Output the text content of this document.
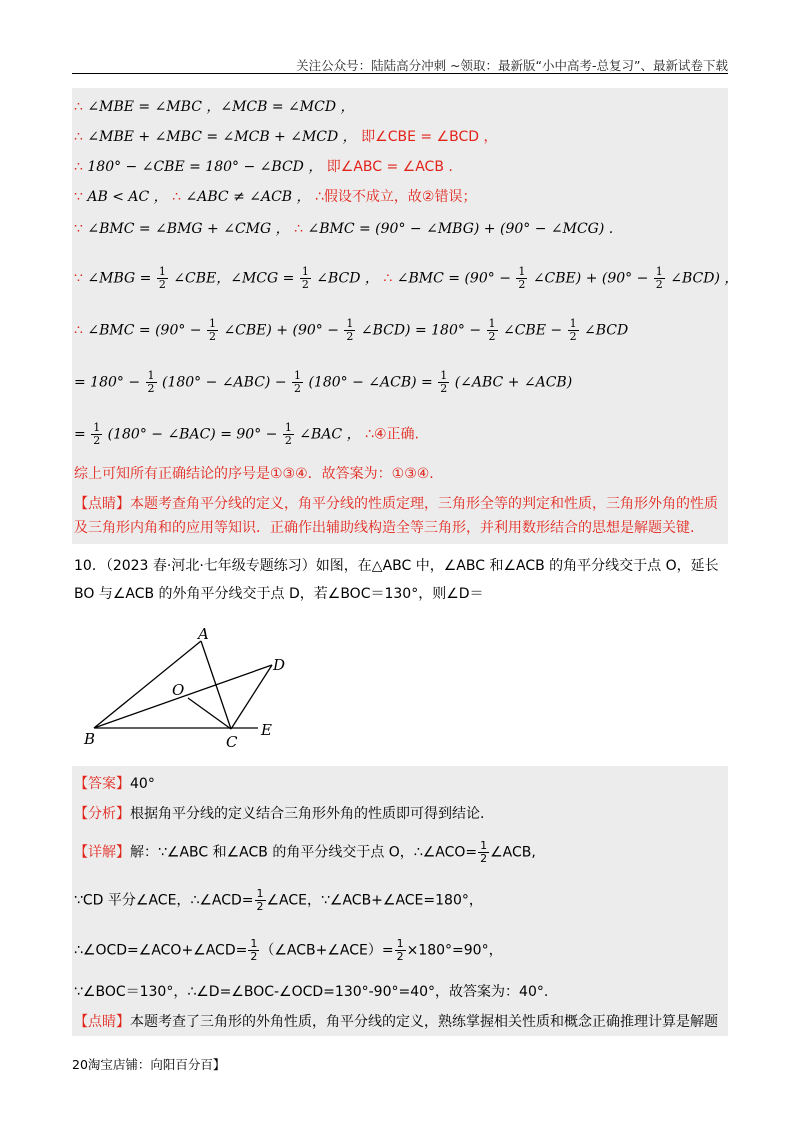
关注公众号：陆陆高分冲刺 ~领取：最新版“小中高考-总复习”、最新试卷下载
∴ ∠MBE = ∠MBC ，∠MCB = ∠MCD ，
∴ ∠MBE + ∠MBC = ∠MCB + ∠MCD ， 即∠CBE = ∠BCD ，
∴ 180° − ∠CBE = 180° − ∠BCD ， 即∠ABC = ∠ACB .
∵ AB < AC ， ∴ ∠ABC ≠ ∠ACB ， ∴假设不成立，故②错误；
∵ ∠BMC = ∠BMG + ∠CMG ， ∴ ∠BMC = (90° − ∠MBG) + (90° − ∠MCG) .
∵ ∠MBG = $\frac{1}{2}$ ∠CBE，∠MCG = $\frac{1}{2}$ ∠BCD ， ∴ ∠BMC = ($90^\circ - \frac{1}{2}$ ∠CBE) + ($90^\circ - \frac{1}{2}$ ∠BCD) ，
∴ ∠BMC = ($90^\circ - \frac{1}{2}$ ∠CBE) + ($90^\circ - \frac{1}{2}$ ∠BCD) = $180^\circ - \frac{1}{2}$ ∠CBE − $\frac{1}{2}$ ∠BCD
= $180^\circ - \frac{1}{2} (180^\circ$ − ∠ABC) − $\frac{1}{2} (180^\circ$ − ∠ACB) = $\frac{1}{2}$ (∠ABC + ∠ACB)
= $\frac{1}{2} (180^\circ$ − ∠BAC) = $90^\circ - \frac{1}{2}$ ∠BAC ， ∴④正确.
综上可知所有正确结论的序号是①③④．故答案为：①③④.
【点睛】本题考查角平分线的定义，角平分线的性质定理，三角形全等的判定和性质，三角形外角的性质及三角形内角和的应用等知识．正确作出辅助线构造全等三角形，并利用数形结合的思想是解题关键.
10．（2023 春·河北·七年级专题练习）如图，在△ABC 中，∠ABC 和∠ACB 的角平分线交于点 O，延长 BO 与∠ACB 的外角平分线交于点 D，若∠BOC＝130°，则∠D＝
A
B	C
D
E
O
【答案】40°
【分析】根据角平分线的定义结合三角形外角的性质即可得到结论.
【详解】解：∵∠ABC 和∠ACB 的角平分线交于点 O，∴∠ACO= $\frac{1}{2}$ ∠ACB,
∵CD 平分∠ACE，∴∠ACD= $\frac{1}{2}$ ∠ACE，∵∠ACB+∠ACE=180°，
∴∠OCD=∠ACO+∠ACD= $\frac{1}{2}$ （∠ACB+∠ACE）= $\frac{1}{2} \times 180^\circ=90^\circ$，
∵∠BOC＝130°，∴∠D=∠BOC-∠OCD=130°-90°=40°，故答案为：40°.
【点睛】本题考查了三角形的外角性质，角平分线的定义，熟练掌握相关性质和概念正确推理计算是解题
20淘宝店铺：向阳百分百】
